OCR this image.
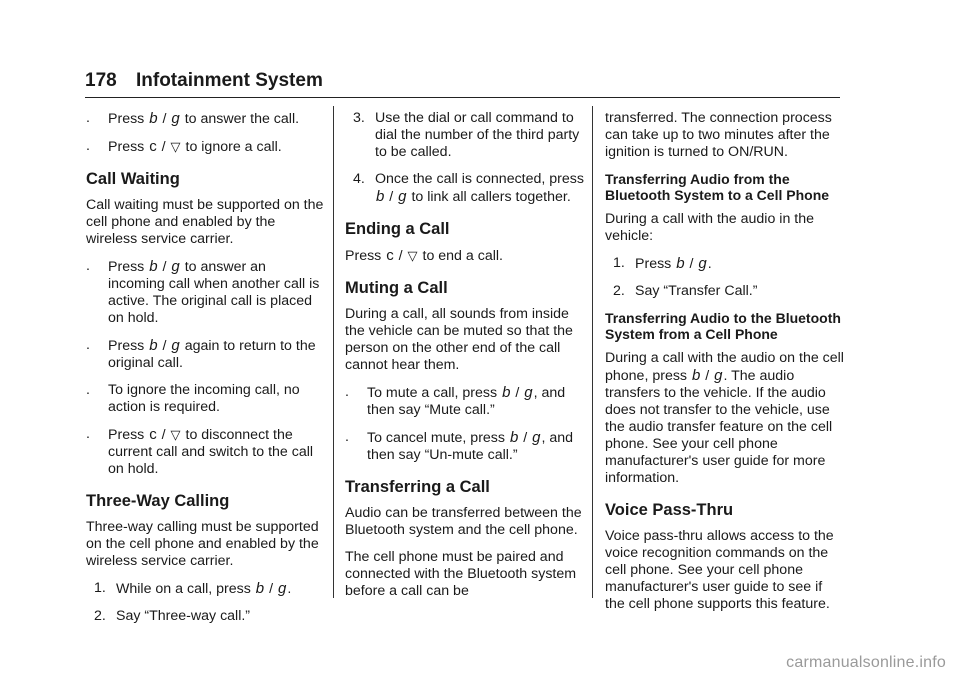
178 Infotainment System
. Press b / g to answer the call.
. Press c / ▽ to ignore a call.
Call Waiting

Call waiting must be supported on the cell phone and enabled by the wireless service carrier.

. Press b / g to answer an incoming call when another call is active. The original call is placed on hold.
. Press b / g again to return to the original call.
. To ignore the incoming call, no action is required.
. Press c / ▽ to disconnect the current call and switch to the call on hold.
Three-Way Calling

Three-way calling must be supported on the cell phone and enabled by the wireless service carrier.

1. While on a call, press b / g.
2. Say “Three-way call.”
3. Use the dial or call command to dial the number of the third party to be called.
4. Once the call is connected, press b / g to link all callers together.
Ending a Call

Press c / ▽ to end a call.

Muting a Call

During a call, all sounds from inside the vehicle can be muted so that the person on the other end of the call cannot hear them.

. To mute a call, press b / g, and then say “Mute call.”
. To cancel mute, press b / g, and then say “Un-mute call.”
Transferring a Call

Audio can be transferred between the Bluetooth system and the cell phone.

The cell phone must be paired and connected with the Bluetooth system before a call can be

transferred. The connection process can take up to two minutes after the ignition is turned to ON/RUN.

Transferring Audio from the Bluetooth System to a Cell Phone

During a call with the audio in the vehicle:

1. Press b / g.
2. Say “Transfer Call.”
Transferring Audio to the Bluetooth System from a Cell Phone

During a call with the audio on the cell phone, press b / g. The audio transfers to the vehicle. If the audio does not transfer to the vehicle, use the audio transfer feature on the cell phone. See your cell phone manufacturer's user guide for more information.

Voice Pass-Thru

Voice pass-thru allows access to the voice recognition commands on the cell phone. See your cell phone manufacturer's user guide to see if the cell phone supports this feature.

carmanualsonline.info
